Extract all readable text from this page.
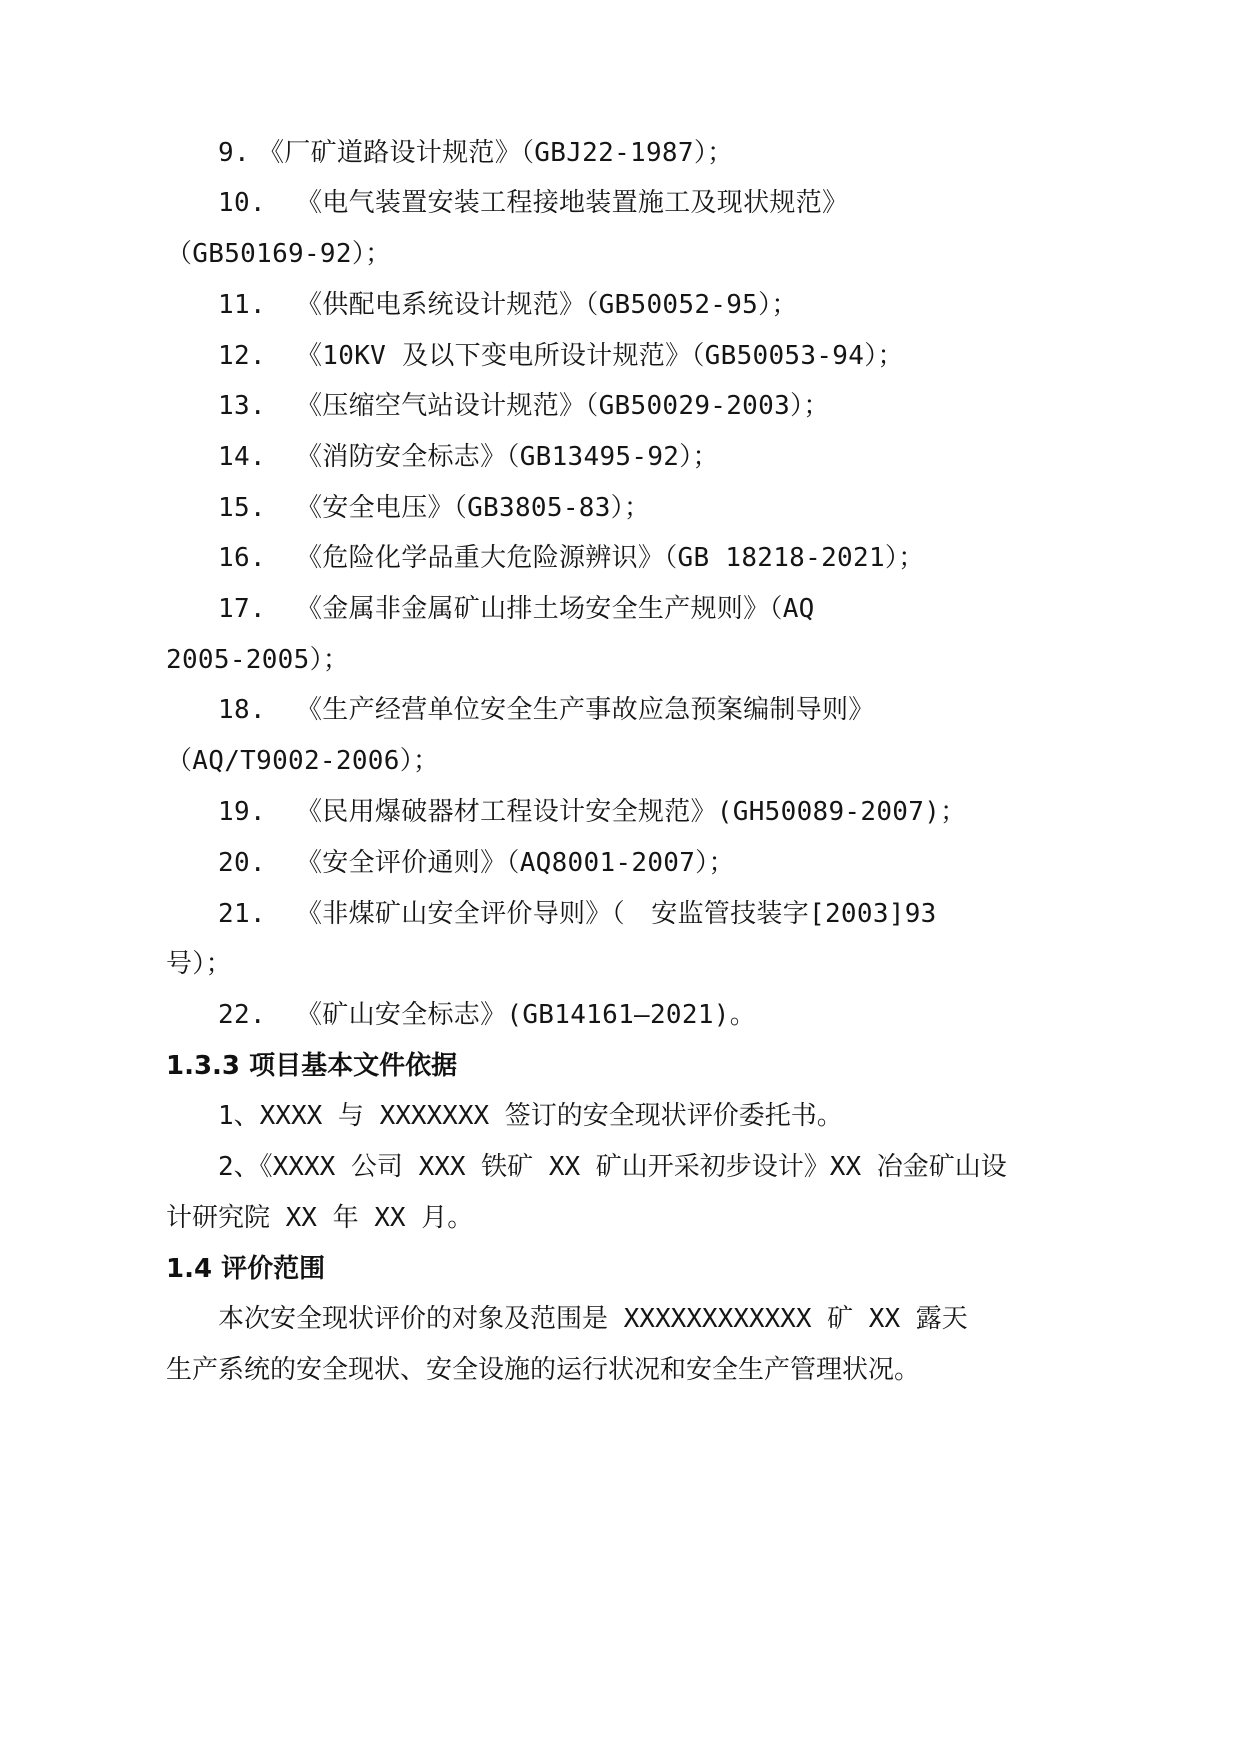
9. 《厂矿道路设计规范》（GBJ22-1987）；
10. 《电气装置安装工程接地装置施工及现状规范》
（GB50169-92）；
11. 《供配电系统设计规范》（GB50052-95）；
12. 《10KV 及以下变电所设计规范》（GB50053-94）；
13. 《压缩空气站设计规范》（GB50029-2003）；
14. 《消防安全标志》（GB13495-92）；
15. 《安全电压》（GB3805-83）；
16. 《危险化学品重大危险源辨识》（GB 18218-2021）；
17. 《金属非金属矿山排土场安全生产规则》（AQ
2005-2005）；
18. 《生产经营单位安全生产事故应急预案编制导则》
（AQ/T9002-2006）；
19. 《民用爆破器材工程设计安全规范》(GH50089-2007)；
20. 《安全评价通则》（AQ8001-2007）；
21. 《非煤矿山安全评价导则》（　安监管技装字[2003]93
号）；
22. 《矿山安全标志》(GB14161—2021)。
1.3.3 项目基本文件依据
1、XXXX 与 XXXXXXX 签订的安全现状评价委托书。
2、《XXXX 公司 XXX 铁矿 XX 矿山开采初步设计》XX 冶金矿山设
计研究院 XX 年 XX 月。
1.4 评价范围
本次安全现状评价的对象及范围是 XXXXXXXXXXXX 矿 XX 露天
生产系统的安全现状、安全设施的运行状况和安全生产管理状况。
